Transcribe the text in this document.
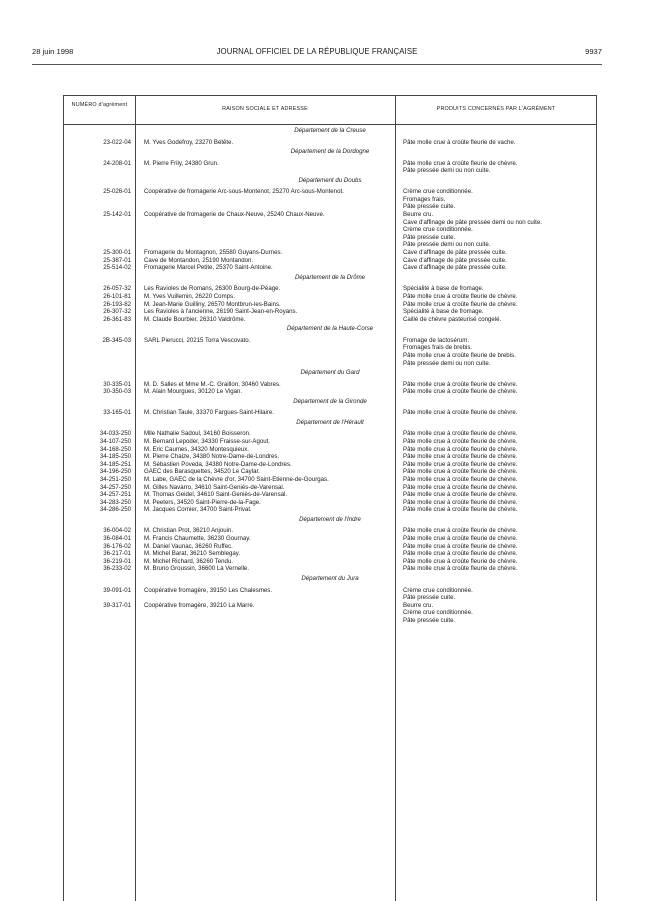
28 juin 1998	JOURNAL OFFICIEL DE LA RÉPUBLIQUE FRANÇAISE	9937
NUMÉRO d'agrément
RAISON SOCIALE ET ADRESSE	PRODUITS CONCERNÉS PAR L'AGRÉMENT
Département de la Creuse
23-022-04 M. Yves Godefroy, 23270 Bétête.	Pâte molle crue à croûte fleurie de vache.
Département de la Dordogne
24-208-01 M. Pierre Frily, 24380 Grun.	Pâte molle crue à croûte fleurie de chèvre.
Pâte pressée demi ou non cuite.
Département du Doubs
25-026-01 Coopérative de fromagerie Arc-sous-Montenot, 25270 Arc-sous-Montenot.	Crème crue conditionnée.
Fromages frais.
Pâte pressée cuite.
25-142-01 Coopérative de fromagerie de Chaux-Neuve, 25240 Chaux-Neuve.	Beurre cru.
Cave d'affinage de pâte pressée demi ou non cuite.
Crème crue conditionnée.
Pâte pressée cuite.
Pâte pressée demi ou non cuite.
25-300-01 Fromagerie du Montagnon, 25580 Guyans-Durnes.	Cave d'affinage de pâte pressée cuite.
25-387-01 Cave de Montandon, 25190 Montandon.	Cave d'affinage de pâte pressée cuite.
25-514-02 Fromagerie Marcel Petite, 25370 Saint-Antoine.	Cave d'affinage de pâte pressée cuite.
Département de la Drôme
26-057-32 Les Ravioles de Romans, 26300 Bourg-de-Péage.	Spécialité à base de fromage.
26-101-81 M. Yves Vuillemin, 26220 Comps.	Pâte molle crue à croûte fleurie de chèvre.
26-193-82 M. Jean-Marie Guilliny, 26570 Montbrun-les-Bains.	Pâte molle crue à croûte fleurie de chèvre.
26-307-32 Les Ravioles à l'ancienne, 26190 Saint-Jean-en-Royans.	Spécialité à base de fromage.
26-361-83 M. Claude Bourbier, 26310 Valdrôme.	Caillé de chèvre pasteurisé congelé.
Département de la Haute-Corse
2B-345-03 SARL Pierucci, 20215 Torra Vescovato.	Fromage de lactosérum.
Fromages frais de brebis.
Pâte molle crue à croûte fleurie de brebis.
Pâte pressée demi ou non cuite.
Département du Gard
30-335-01 M. D. Salles et Mme M.-C. Graillon, 30460 Vabres.	Pâte molle crue à croûte fleurie de chèvre.
30-350-03 M. Alain Mourgues, 30120 Le Vigan.	Pâte molle crue à croûte fleurie de chèvre.
Département de la Gironde
33-165-01 M. Christian Taule, 33370 Fargues-Saint-Hilaire.	Pâte molle crue à croûte fleurie de chèvre.
Département de l'Hérault
34-033-250 Mlle Nathalie Sadoul, 34160 Boisseron.	Pâte molle crue à croûte fleurie de chèvre.
34-107-250 M. Bernard Lepoder, 34330 Fraisse-sur-Agout.	Pâte molle crue à croûte fleurie de chèvre.
34-168-250 M. Eric Caumes, 34320 Montesquieux.	Pâte molle crue à croûte fleurie de chèvre.
34-185-250 M. Pierre Chaize, 34380 Notre-Dame-de-Londres.	Pâte molle crue à croûte fleurie de chèvre.
34-185-251 M. Sébastien Poveda, 34380 Notre-Dame-de-Londres.	Pâte molle crue à croûte fleurie de chèvre.
34-196-250 GAEC des Barasquettes, 34520 Le Caylar.	Pâte molle crue à croûte fleurie de chèvre.
34-251-250 M. Labe, GAEC de la Chèvre d'or, 34700 Saint-Etienne-de-Gourgas.	Pâte molle crue à croûte fleurie de chèvre.
34-257-250 M. Gilles Navarro, 34610 Saint-Geniès-de-Varensal.	Pâte molle crue à croûte fleurie de chèvre.
34-257-251 M. Thomas Geidel, 34610 Saint-Geniès-de-Varensal.	Pâte molle crue à croûte fleurie de chèvre.
34-283-250 M. Peeters, 34520 Saint-Pierre-de-la-Fage.	Pâte molle crue à croûte fleurie de chèvre.
34-286-250 M. Jacques Cornier, 34700 Saint-Privat.	Pâte molle crue à croûte fleurie de chèvre.
Département de l'Indre
36-004-02 M. Christian Prot, 36210 Anjouin.	Pâte molle crue à croûte fleurie de chèvre.
36-084-01 M. Francis Chaumette, 36230 Gournay.	Pâte molle crue à croûte fleurie de chèvre.
36-176-02 M. Daniel Vaunac, 36260 Ruffec.	Pâte molle crue à croûte fleurie de chèvre.
36-217-01 M. Michel Barat, 36210 Semblegay.	Pâte molle crue à croûte fleurie de chèvre.
36-219-01 M. Michel Richard, 36260 Tendu.	Pâte molle crue à croûte fleurie de chèvre.
36-233-02 M. Bruno Groussin, 36600 La Vernelle.	Pâte molle crue à croûte fleurie de chèvre.
Département du Jura
39-091-01 Coopérative fromagère, 39150 Les Chalesmes.	Crème crue conditionnée.
Pâte pressée cuite.
39-317-01 Coopérative fromagère, 39210 La Marre.	Beurre cru.
Crème crue conditionnée.
Pâte pressée cuite.
